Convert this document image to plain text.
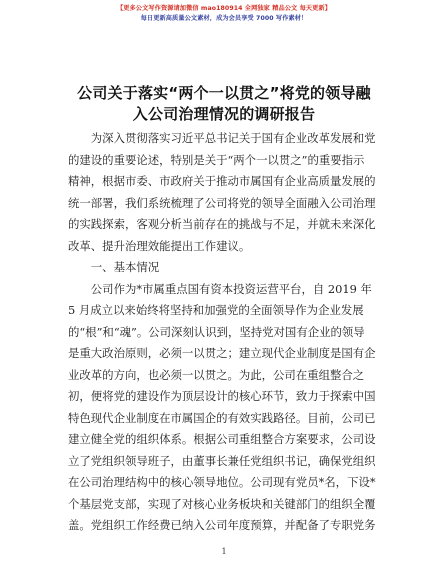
【更多公文写作资源请加微信 mao180914 全网独家 精品公文 每天更新】
每日更新高质量公文素材，成为会员享受 7000 写作素材！
公司关于落实“两个一以贯之”将党的领导融
入公司治理情况的调研报告
　　为深入贯彻落实习近平总书记关于国有企业改革发展和党
的建设的重要论述，特别是关于“两个一以贯之”的重要指示
精神，根据市委、市政府关于推动市属国有企业高质量发展的
统一部署，我们系统梳理了公司将党的领导全面融入公司治理
的实践探索，客观分析当前存在的挑战与不足，并就未来深化
改革、提升治理效能提出工作建议。
　　一、基本情况
　　公司作为*市属重点国有资本投资运营平台，自 2019 年
5 月成立以来始终将坚持和加强党的全面领导作为企业发展
的“根”和“魂”。公司深刻认识到，坚持党对国有企业的领导
是重大政治原则，必须一以贯之；建立现代企业制度是国有企
业改革的方向，也必须一以贯之。为此，公司在重组整合之
初，便将党的建设作为顶层设计的核心环节，致力于探索中国
特色现代企业制度在市属国企的有效实践路径。目前，公司已
建立健全党的组织体系。根据公司重组整合方案要求，公司设
立了党组织领导班子，由董事长兼任党组织书记，确保党组织
在公司治理结构中的核心领导地位。公司现有党员*名，下设*
个基层党支部，实现了对核心业务板块和关键部门的组织全覆
盖。党组织工作经费已纳入公司年度预算，并配备了专职党务
1
